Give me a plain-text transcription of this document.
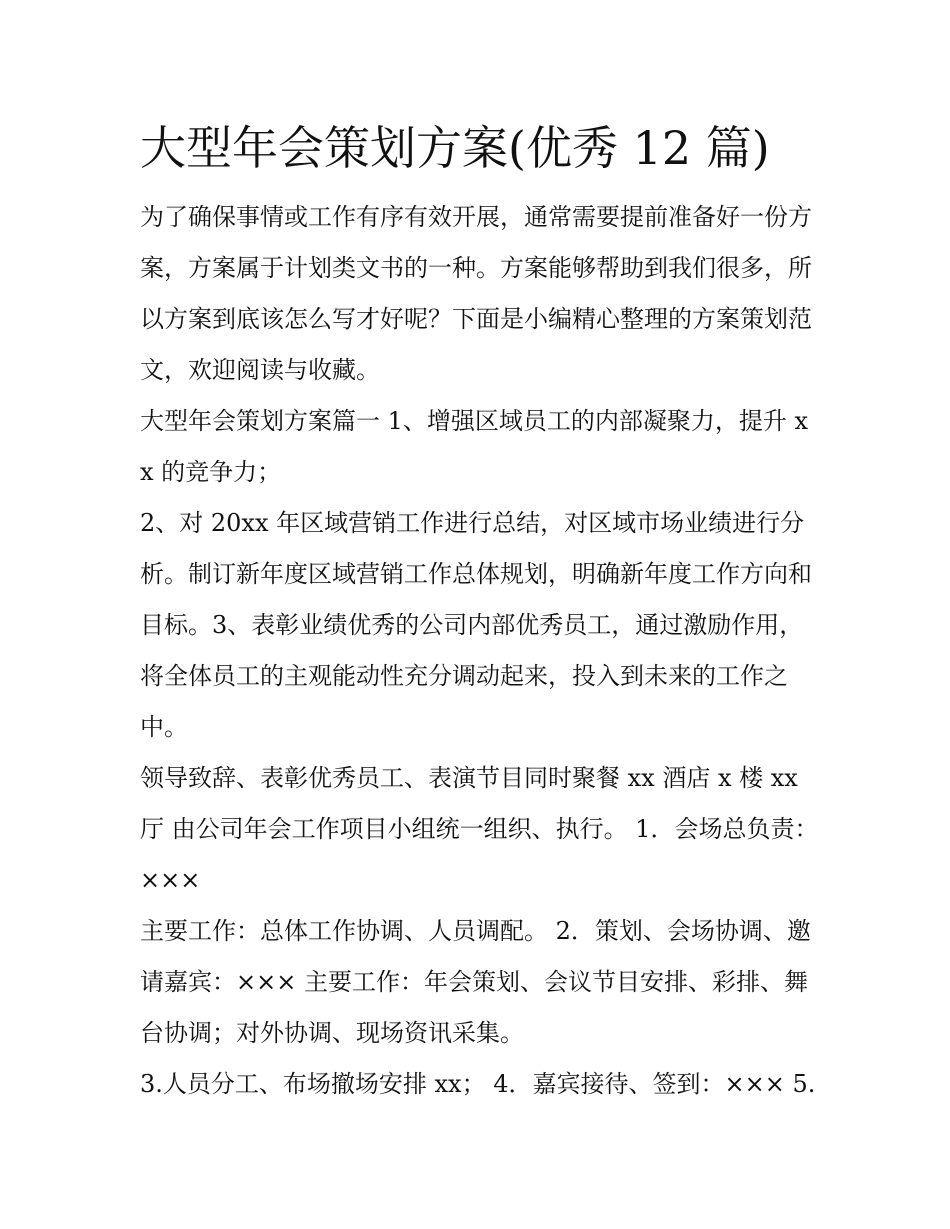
大型年会策划方案(优秀 12 篇)

为了确保事情或工作有序有效开展，通常需要提前准备好一份方案，方案属于计划类文书的一种。方案能够帮助到我们很多，所以方案到底该怎么写才好呢？下面是小编精心整理的方案策划范文，欢迎阅读与收藏。

大型年会策划方案篇一 1、增强区域员工的内部凝聚力，提升 xx 的竞争力；

2、对 20xx 年区域营销工作进行总结，对区域市场业绩进行分析。制订新年度区域营销工作总体规划，明确新年度工作方向和目标。3、表彰业绩优秀的公司内部优秀员工，通过激励作用，将全体员工的主观能动性充分调动起来，投入到未来的工作之中。

领导致辞、表彰优秀员工、表演节目同时聚餐 xx 酒店 x 楼 xx 厅 由公司年会工作项目小组统一组织、执行。 1．会场总负责：×××

主要工作：总体工作协调、人员调配。 2．策划、会场协调、邀请嘉宾：××× 主要工作：年会策划、会议节目安排、彩排、舞台协调；对外协调、现场资讯采集。

3.人员分工、布场撤场安排 xx； 4．嘉宾接待、签到：××× 5.
